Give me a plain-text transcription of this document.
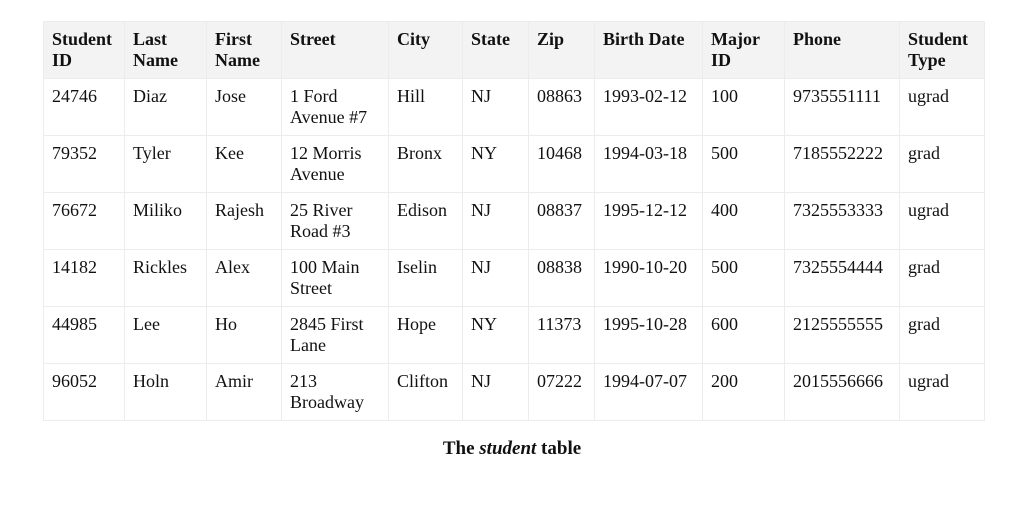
Student ID	Last Name	First Name	Street	City	State	Zip	Birth Date	Major ID	Phone	Student Type
24746	Diaz	Jose	1 Ford Avenue #7	Hill	NJ	08863	1993-02-12	100	9735551111	ugrad
79352	Tyler	Kee	12 Morris Avenue	Bronx	NY	10468	1994-03-18	500	7185552222	grad
76672	Miliko	Rajesh	25 River Road #3	Edison	NJ	08837	1995-12-12	400	7325553333	ugrad
14182	Rickles	Alex	100 Main Street	Iselin	NJ	08838	1990-10-20	500	7325554444	grad
44985	Lee	Ho	2845 First Lane	Hope	NY	11373	1995-10-28	600	2125555555	grad
96052	Holn	Amir	213 Broadway	Clifton	NJ	07222	1994-07-07	200	2015556666	ugrad
The student table
